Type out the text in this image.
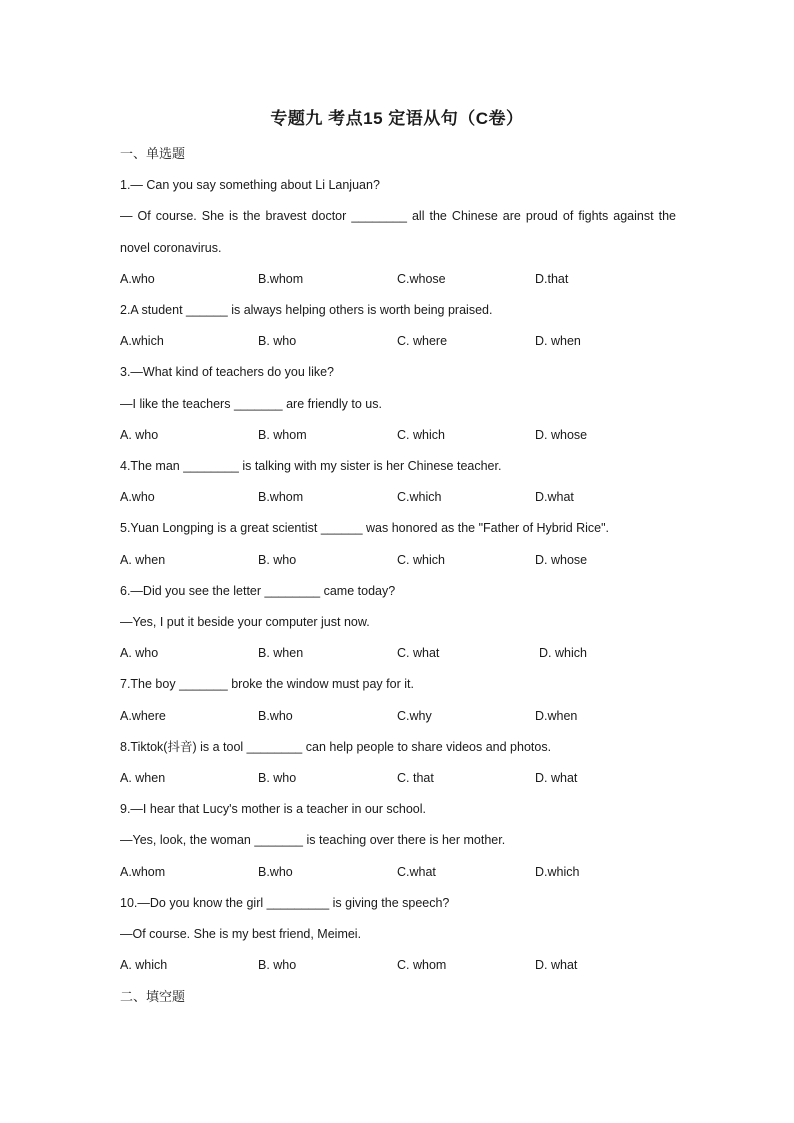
专题九 考点15 定语从句（C卷）
一、单选题
1.— Can you say something about Li Lanjuan?
— Of course. She is the bravest doctor ________ all the Chinese are proud of fights against the
novel coronavirus.
A.who	B.whom	C.whose	D.that
2.A student ______ is always helping others is worth being praised.
A.which	B. who	C. where	D. when
3.—What kind of teachers do you like?
—I like the teachers _______ are friendly to us.
A. who	B. whom	C. which	D. whose
4.The man ________ is talking with my sister is her Chinese teacher.
A.who	B.whom	C.which	D.what
5.Yuan Longping is a great scientist ______ was honored as the "Father of Hybrid Rice".
A. when	B. who	C. which	D. whose
6.—Did you see the letter ________ came today?
—Yes, I put it beside your computer just now.
A. who	B. when	C. what	D. which
7.The boy _______ broke the window must pay for it.
A.where	B.who	C.why	D.when
8.Tiktok(抖音) is a tool ________ can help people to share videos and photos.
A. when	B. who	C. that	D. what
9.—I hear that Lucy's mother is a teacher in our school.
—Yes, look, the woman _______ is teaching over there is her mother.
A.whom	B.who	C.what	D.which
10.—Do you know the girl _________ is giving the speech?
—Of course. She is my best friend, Meimei.
A. which	B. who	C. whom	D. what
二、填空题
